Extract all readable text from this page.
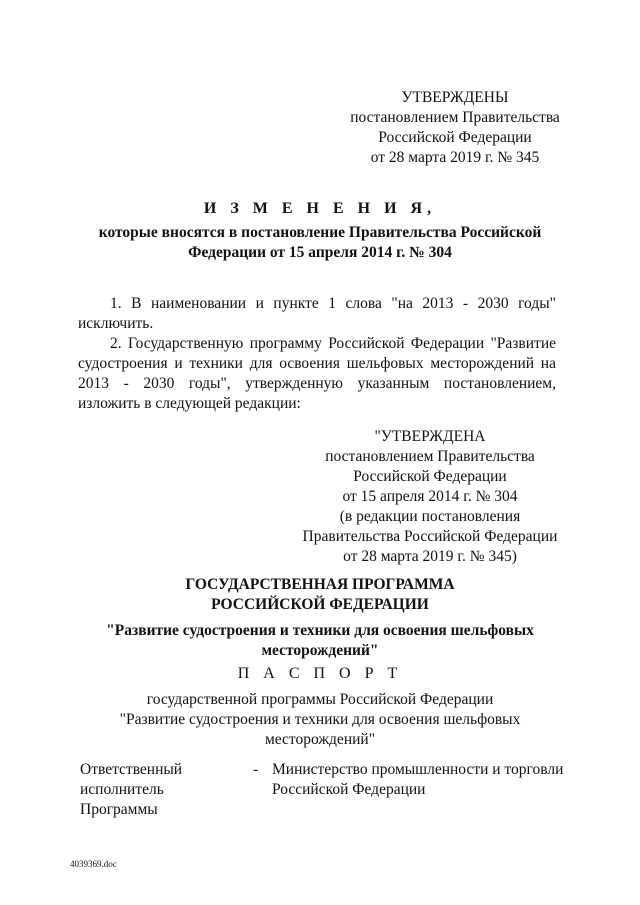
УТВЕРЖДЕНЫ
постановлением Правительства
Российской Федерации
от 28 марта 2019 г. № 345
И З М Е Н Е Н И Я,
которые вносятся в постановление Правительства Российской
Федерации от 15 апреля 2014 г. № 304

1. В наименовании и пункте 1 слова "на 2013 - 2030 годы" исключить.

2. Государственную программу Российской Федерации "Развитие судостроения и техники для освоения шельфовых месторождений на 2013 - 2030 годы", утвержденную указанным постановлением, изложить в следующей редакции:

"УТВЕРЖДЕНА
постановлением Правительства
Российской Федерации
от 15 апреля 2014 г. № 304
(в редакции постановления
Правительства Российской Федерации
от 28 марта 2019 г. № 345)
ГОСУДАРСТВЕННАЯ ПРОГРАММА
РОССИЙСКОЙ ФЕДЕРАЦИИ
"Развитие судостроения и техники для освоения шельфовых
месторождений"
П А С П О Р Т
государственной программы Российской Федерации
"Развитие судостроения и техники для освоения шельфовых
месторождений"
Ответственный
исполнитель
Программы
- Министерство промышленности и торговли
Российской Федерации
4039369.doc
